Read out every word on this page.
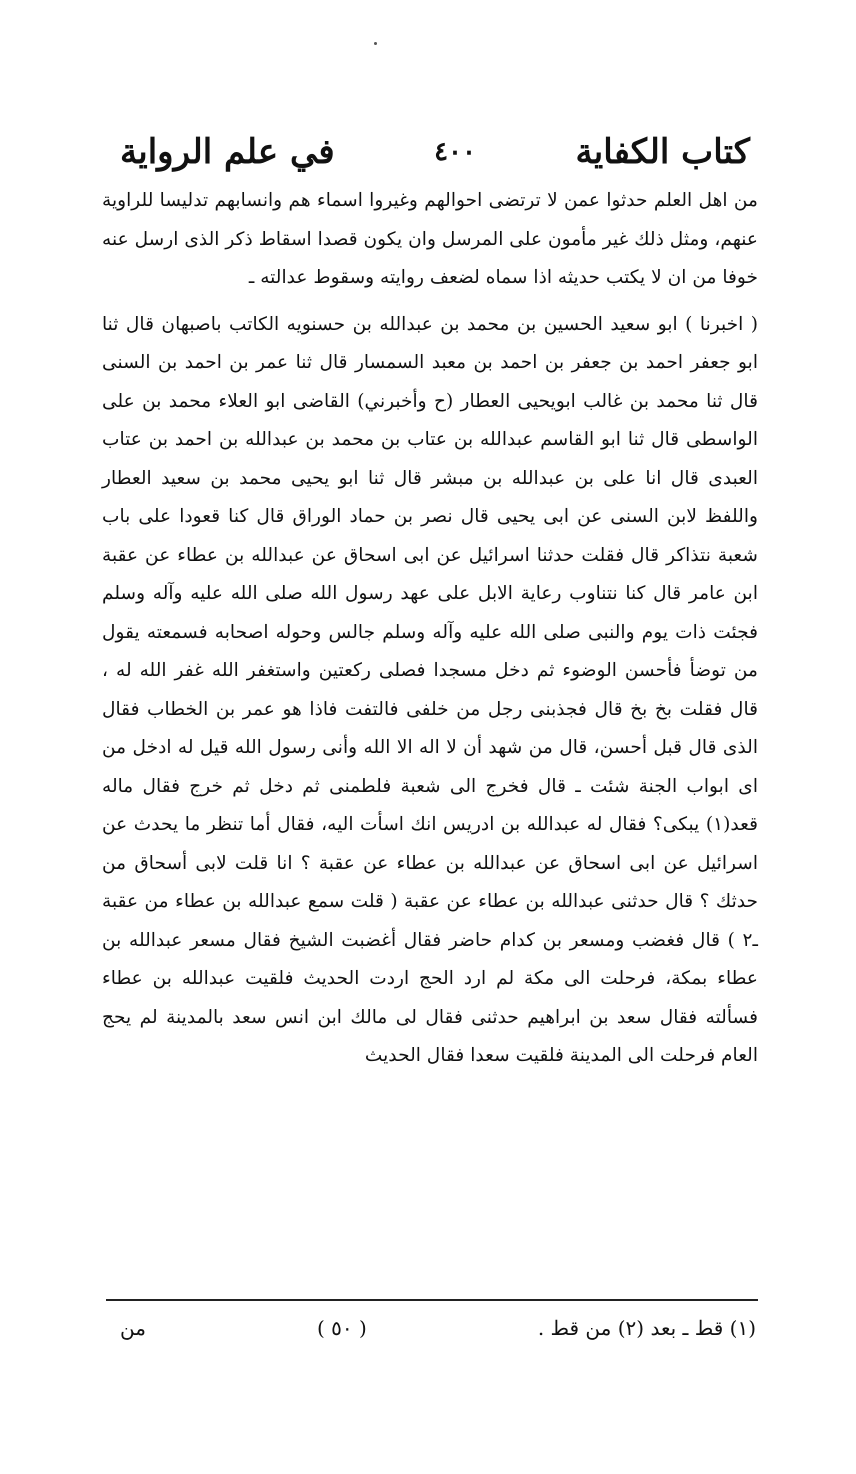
كتاب الكفاية
٤٠٠
في علم الرواية

من اهل العلم حدثوا عمن لا ترتضى احوالهم وغيروا اسماء هم وانسابهم تدليسا للراوية عنهم، ومثل ذلك غير مأمون على المرسل وان يكون قصدا اسقاط ذكر الذى ارسل عنه خوفا من ان لا يكتب حديثه اذا سماه لضعف روايته وسقوط عدالته ـ

( اخبرنا ) ابو سعيد الحسين بن محمد بن عبدالله بن حسنويه الكاتب باصبهان قال ثنا ابو جعفر احمد بن جعفر بن احمد بن معبد السمسار قال ثنا عمر بن احمد بن السنى قال ثنا محمد بن غالب ابويحيى العطار (ح وأخبرني) القاضى ابو العلاء محمد بن على الواسطى قال ثنا ابو القاسم عبدالله بن عتاب بن محمد بن عبدالله بن احمد بن عتاب العبدى قال انا على بن عبدالله بن مبشر قال ثنا ابو يحيى محمد بن سعيد العطار واللفظ لابن السنى عن ابى يحيى قال نصر بن حماد الوراق قال كنا قعودا على باب شعبة نتذاكر قال فقلت حدثنا اسرائيل عن ابى اسحاق عن عبدالله بن عطاء عن عقبة ابن عامر قال كنا نتناوب رعاية الابل على عهد رسول الله صلى الله عليه وآله وسلم فجئت ذات يوم والنبى صلى الله عليه وآله وسلم جالس وحوله اصحابه فسمعته يقول من توضأ فأحسن الوضوء ثم دخل مسجدا فصلى ركعتين واستغفر الله غفر الله له ، قال فقلت بخ بخ قال فجذبنى رجل من خلفى فالتفت فاذا هو عمر بن الخطاب فقال الذى قال قبل أحسن، قال من شهد أن لا اله الا الله وأنى رسول الله قيل له ادخل من اى ابواب الجنة شئت ـ قال فخرج الى شعبة فلطمنى ثم دخل ثم خرج فقال ماله قعد(١) يبكى؟ فقال له عبدالله بن ادريس انك اسأت اليه، فقال أما تنظر ما يحدث عن اسرائيل عن ابى اسحاق عن عبدالله بن عطاء عن عقبة ؟ انا قلت لابى أسحاق من حدثك ؟ قال حدثنى عبدالله بن عطاء عن عقبة ( قلت سمع عبدالله بن عطاء من عقبة ـ٢ ) قال فغضب ومسعر بن كدام حاضر فقال أغضبت الشيخ فقال مسعر عبدالله بن عطاء بمكة، فرحلت الى مكة لم ارد الحج اردت الحديث فلقيت عبدالله بن عطاء فسألته فقال سعد بن ابراهيم حدثنى فقال لى مالك ابن انس سعد بالمدينة لم يحج العام فرحلت الى المدينة فلقيت سعدا فقال الحديث

(١) قط ـ بعد (٢) من قط .
( ٥٠ )
من
